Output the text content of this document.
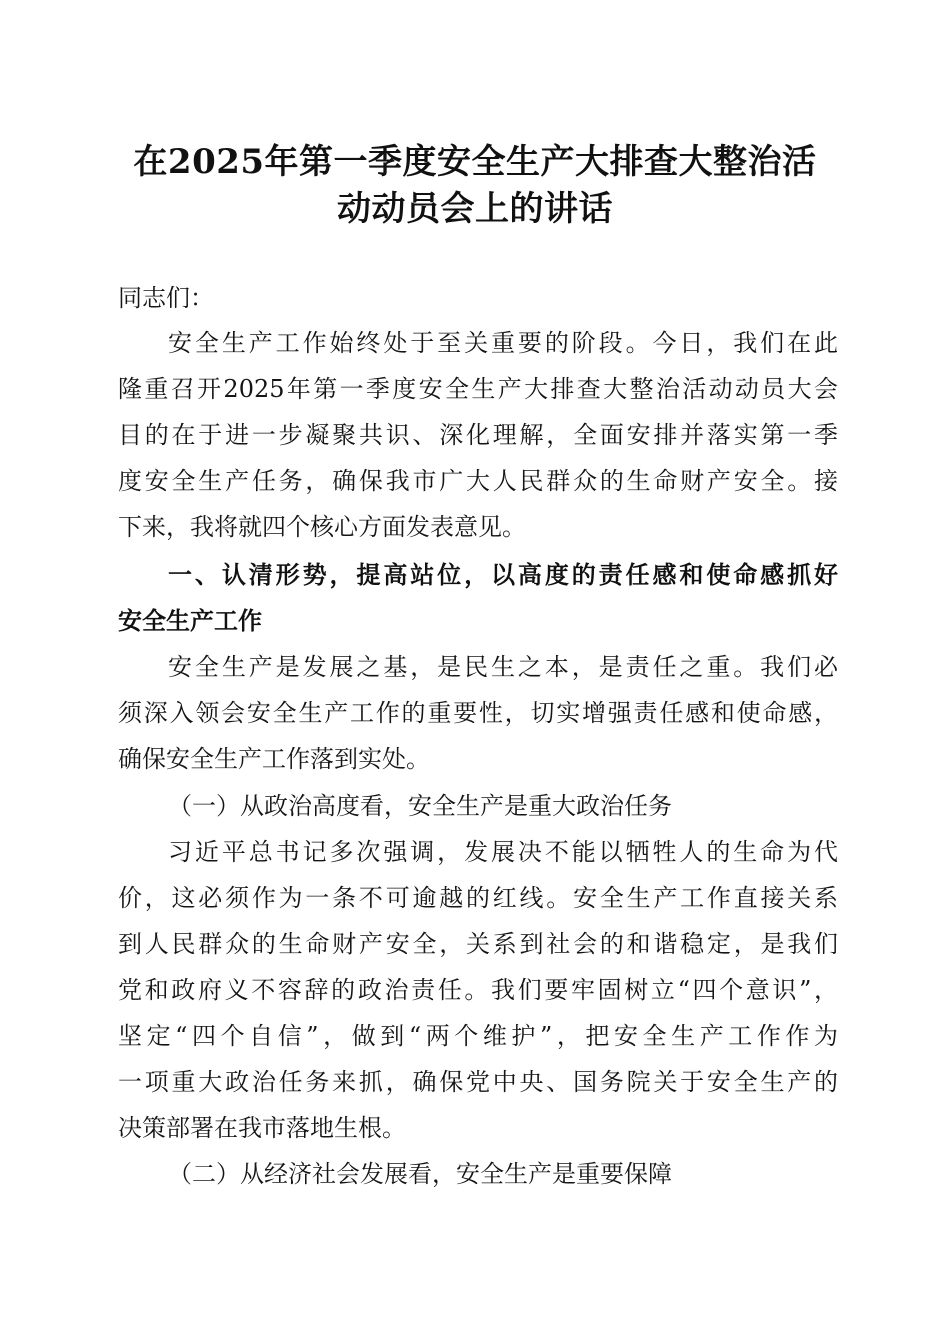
在2025年第一季度安全生产大排查大整治活
动动员会上的讲话
同志们：
安全生产工作始终处于至关重要的阶段。今日，我们在此
隆重召开2025年第一季度安全生产大排查大整治活动动员大会
目的在于进一步凝聚共识、深化理解，全面安排并落实第一季
度安全生产任务，确保我市广大人民群众的生命财产安全。接
下来，我将就四个核心方面发表意见。
一、认清形势，提高站位，以高度的责任感和使命感抓好
安全生产工作
安全生产是发展之基，是民生之本，是责任之重。我们必
须深入领会安全生产工作的重要性，切实增强责任感和使命感，
确保安全生产工作落到实处。
（一）从政治高度看，安全生产是重大政治任务
习近平总书记多次强调，发展决不能以牺牲人的生命为代
价，这必须作为一条不可逾越的红线。安全生产工作直接关系
到人民群众的生命财产安全，关系到社会的和谐稳定，是我们
党和政府义不容辞的政治责任。我们要牢固树立“四个意识”，
坚定“四个自信”，做到“两个维护”，把安全生产工作作为
一项重大政治任务来抓，确保党中央、国务院关于安全生产的
决策部署在我市落地生根。
（二）从经济社会发展看，安全生产是重要保障
